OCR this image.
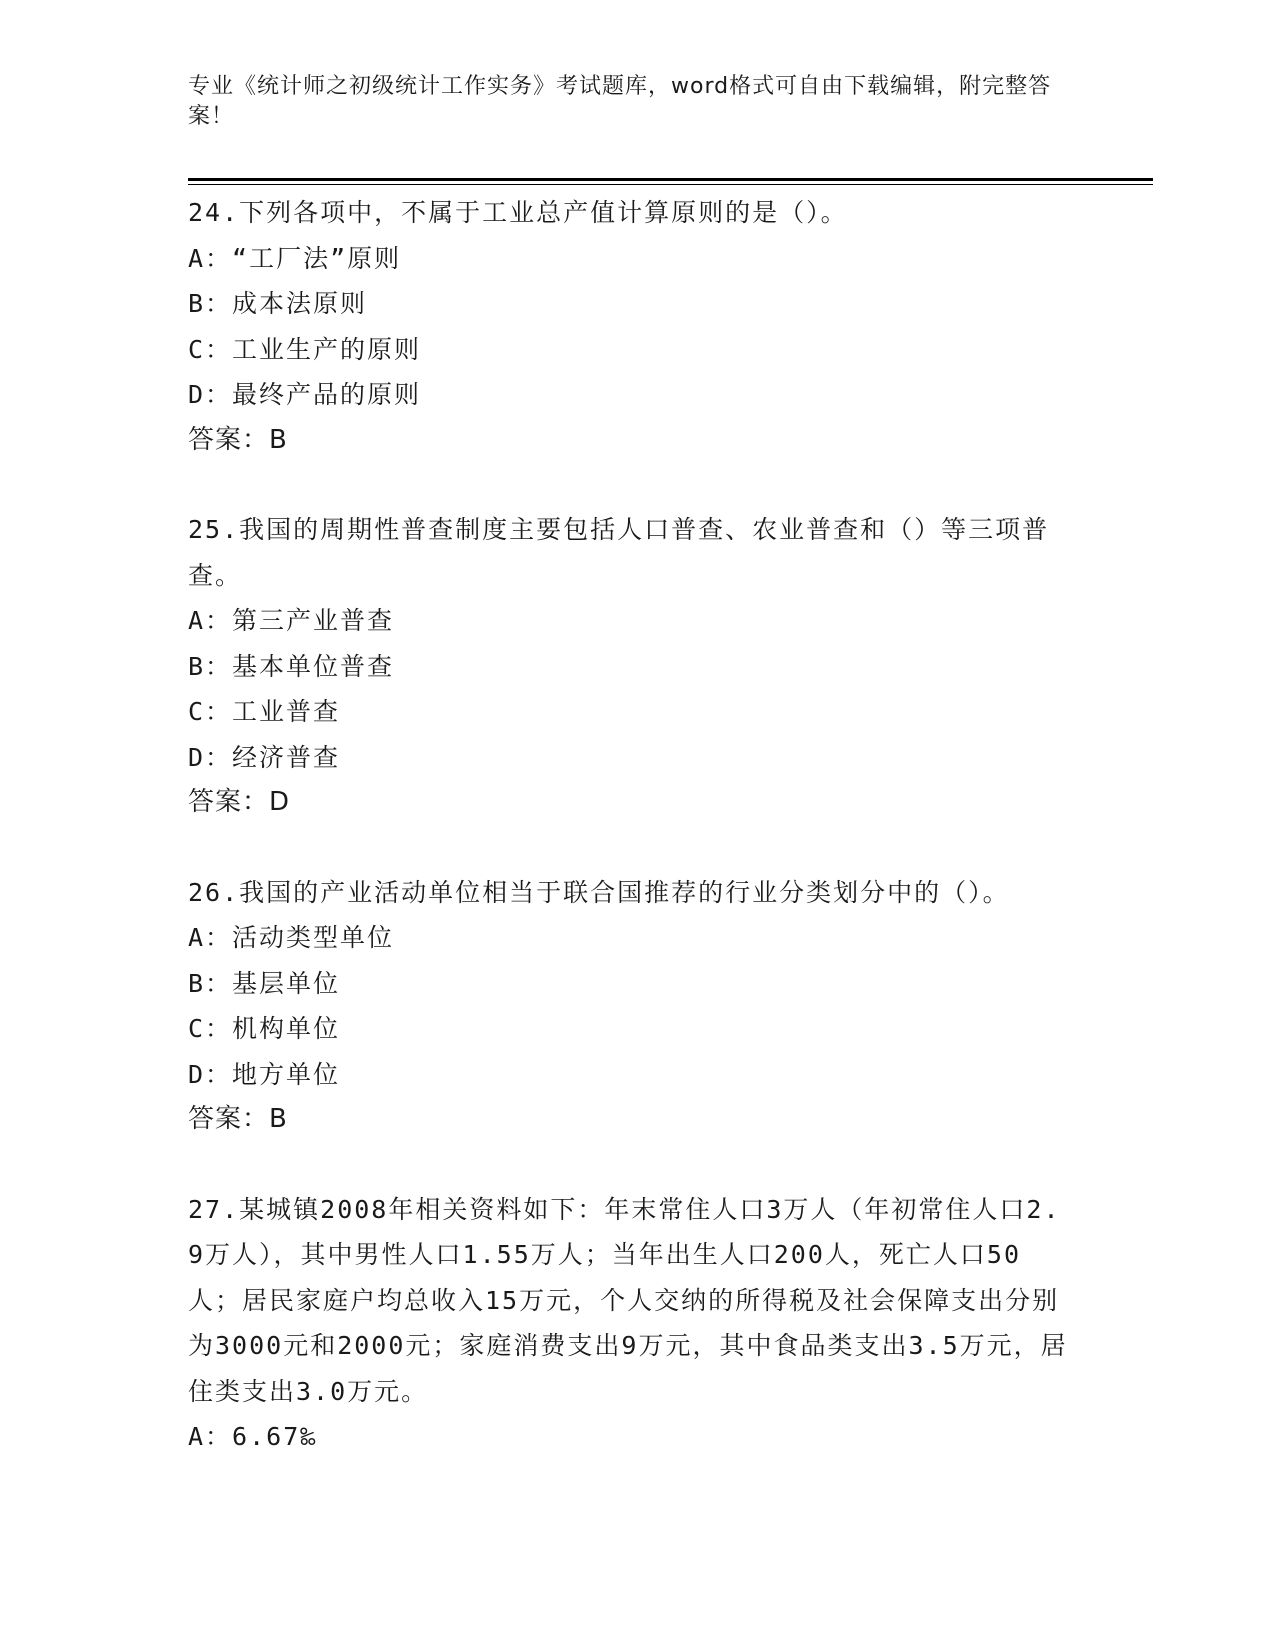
专业《统计师之初级统计工作实务》考试题库，word格式可自由下载编辑，附完整答案！
24.下列各项中，不属于工业总产值计算原则的是（）。
A：“工厂法”原则
B：成本法原则
C：工业生产的原则
D：最终产品的原则
答案：B
25.我国的周期性普查制度主要包括人口普查、农业普查和（）等三项普查。
A：第三产业普查
B：基本单位普查
C：工业普查
D：经济普查
答案：D
26.我国的产业活动单位相当于联合国推荐的行业分类划分中的（）。
A：活动类型单位
B：基层单位
C：机构单位
D：地方单位
答案：B
27.某城镇2008年相关资料如下：年末常住人口3万人（年初常住人口2.9万人），其中男性人口1.55万人；当年出生人口200人，死亡人口50人；居民家庭户均总收入15万元，个人交纳的所得税及社会保障支出分别为3000元和2000元；家庭消费支出9万元，其中食品类支出3.5万元，居住类支出3.0万元。
A：6.67‰
